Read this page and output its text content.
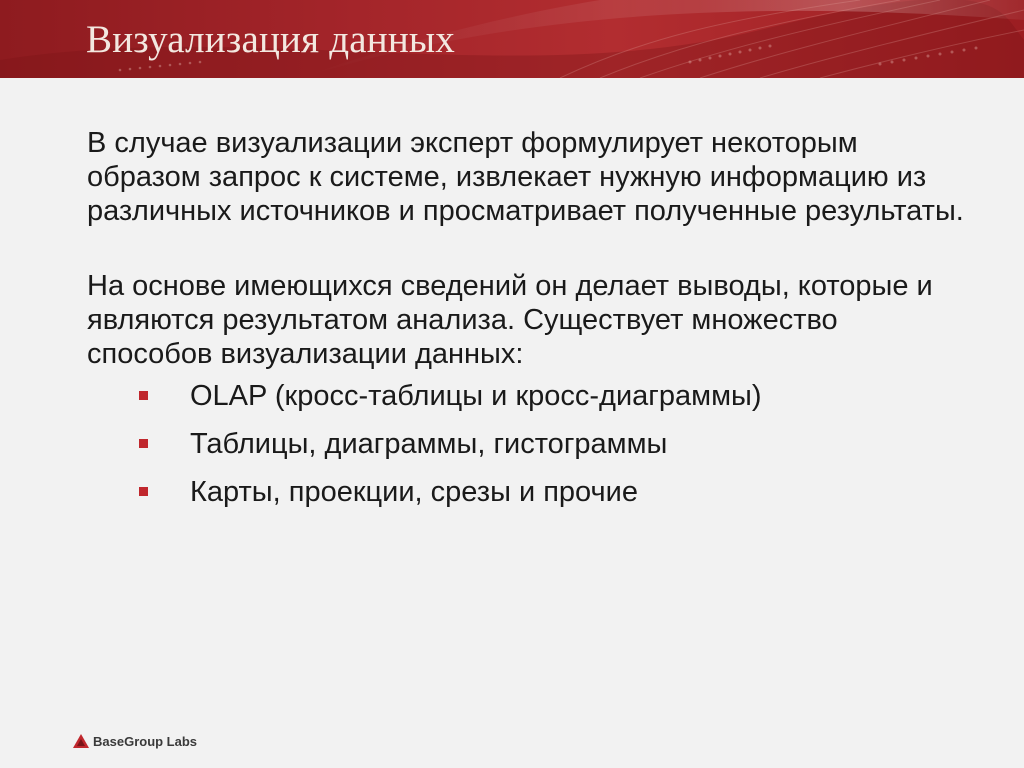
Визуализация данных

В случае визуализации эксперт формулирует некоторым образом запрос к системе, извлекает нужную информацию из различных источников и просматривает полученные результаты.

На основе имеющихся сведений он делает выводы, которые и являются результатом анализа. Существует множество способов визуализации данных:

OLAP (кросс-таблицы и кросс-диаграммы)
Таблицы, диаграммы, гистограммы
Карты, проекции, срезы и прочие
BaseGroup Labs
